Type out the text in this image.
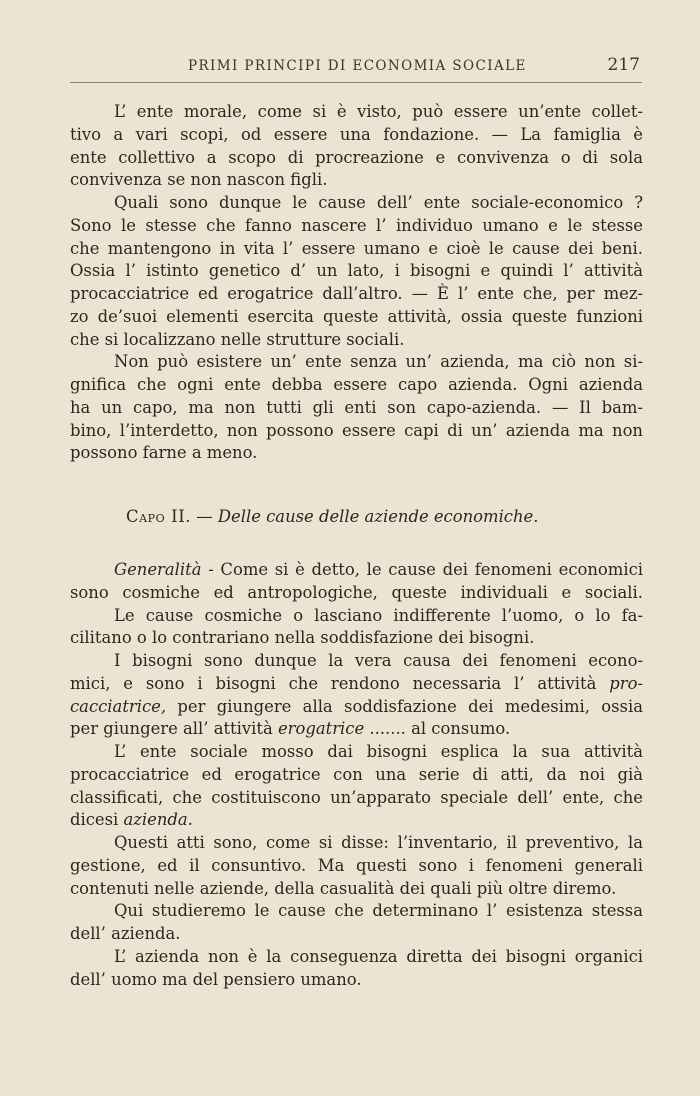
PRIMI PRINCIPI DI ECONOMIA SOCIALE	217
L’ ente morale, come si è visto, può essere un’ente collet-
tivo a vari scopi, od essere una fondazione. — La famiglia è
ente collettivo a scopo di procreazione e convivenza o di sola
convivenza se non nascon figli.
Quali sono dunque le cause dell’ ente sociale-economico ?
Sono le stesse che fanno nascere l’ individuo umano e le stesse
che mantengono in vita l’ essere umano e cioè le cause dei beni.
Ossia l’ istinto genetico d’ un lato, i bisogni e quindi l’ attività
procacciatrice ed erogatrice dall’altro. — È l’ ente che, per mez-
zo de’suoi elementi esercita queste attività, ossia queste funzioni
che si localizzano nelle strutture sociali.
Non può esistere un’ ente senza un’ azienda, ma ciò non si-
gnifica che ogni ente debba essere capo azienda. Ogni azienda
ha un capo, ma non tutti gli enti son capo-azienda. — Il bam-
bino, l’interdetto, non possono essere capi di un’ azienda ma non
possono farne a meno.
Capo II. — Delle cause delle aziende economiche.
Generalità - Come si è detto, le cause dei fenomeni economici
sono cosmiche ed antropologiche, queste individuali e sociali.
Le cause cosmiche o lasciano indifferente l’uomo, o lo fa-
cilitano o lo contrariano nella soddisfazione dei bisogni.
I bisogni sono dunque la vera causa dei fenomeni econo-
mici, e sono i bisogni che rendono necessaria l’ attività pro-
cacciatrice, per giungere alla soddisfazione dei medesimi, ossia
per giungere all’ attività erogatrice ....... al consumo.
L’ ente sociale mosso dai bisogni esplica la sua attività
procacciatrice ed erogatrice con una serie di atti, da noi già
classificati, che costituiscono un’apparato speciale dell’ ente, che
dicesi azienda.
Questi atti sono, come si disse: l’inventario, il preventivo, la
gestione, ed il consuntivo. Ma questi sono i fenomeni generali
contenuti nelle aziende, della casualità dei quali più oltre diremo.
Qui studieremo le cause che determinano l’ esistenza stessa
dell’ azienda.
L’ azienda non è la conseguenza diretta dei bisogni organici
dell’ uomo ma del pensiero umano.
